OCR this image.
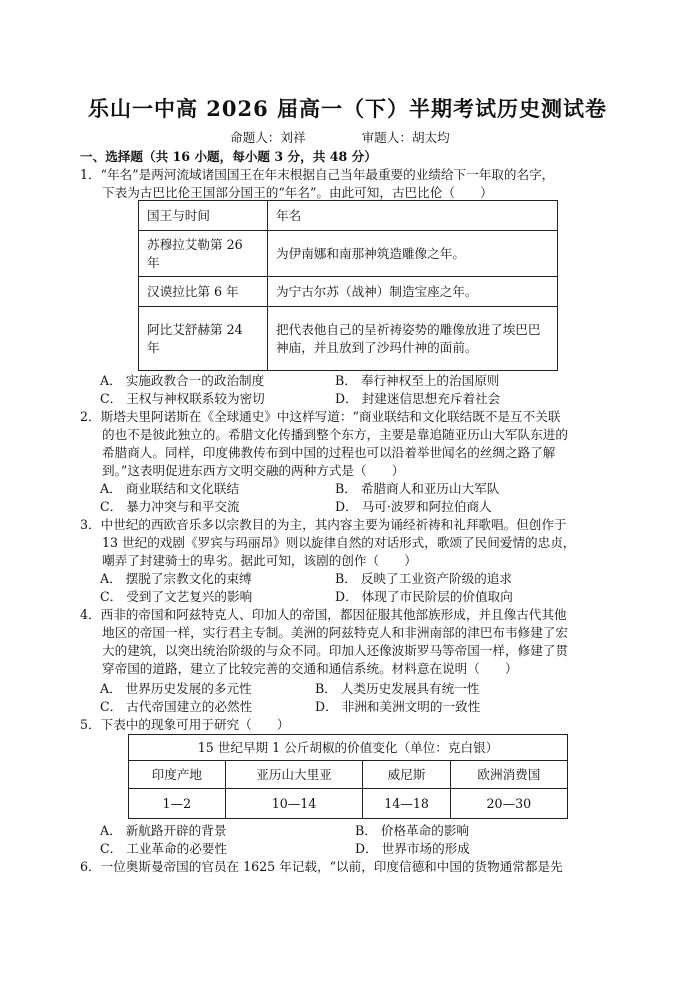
乐山一中高 2026 届高一（下）半期考试历史测试卷
命题人：刘祥	审题人：胡太均
一、选择题（共 16 小题，每小题 3 分，共 48 分）
1．“年名”是两河流域诸国国王在年末根据自己当年最重要的业绩给下一年取的名字，
下表为古巴比伦王国部分国王的“年名”。由此可知，古巴比伦（　　）
国王与时间	年名
苏穆拉艾勒第 26 年	为伊南娜和南那神筑造雕像之年。
汉谟拉比第 6 年	为宁古尔苏（战神）制造宝座之年。
阿比艾舒赫第 24 年	把代表他自己的呈祈祷姿势的雕像放进了埃巴巴神庙，并且放到了沙玛什神的面前。
A． 实施政教合一的政治制度	B． 奉行神权至上的治国原则
C． 王权与神权联系较为密切	D． 封建迷信思想充斥着社会
2．斯塔夫里阿诺斯在《全球通史》中这样写道：“商业联结和文化联结既不是互不关联
的也不是彼此独立的。希腊文化传播到整个东方，主要是靠追随亚历山大军队东进的
希腊商人。同样，印度佛教传布到中国的过程也可以沿着举世闻名的丝绸之路了解
到。”这表明促进东西方文明交融的两种方式是（　　）
A． 商业联结和文化联结	B． 希腊商人和亚历山大军队
C． 暴力冲突与和平交流	D． 马可·波罗和阿拉伯商人
3．中世纪的西欧音乐多以宗教目的为主，其内容主要为诵经祈祷和礼拜歌唱。但创作于
13 世纪的戏剧《罗宾与玛丽昂》则以旋律自然的对话形式，歌颂了民间爱情的忠贞，
嘲弄了封建骑士的卑劣。据此可知，该剧的创作（　　）
A． 摆脱了宗教文化的束缚	B． 反映了工业资产阶级的追求
C． 受到了文艺复兴的影响	D． 体现了市民阶层的价值取向
4．西非的帝国和阿兹特克人、印加人的帝国，都因征服其他部族形成，并且像古代其他
地区的帝国一样，实行君主专制。美洲的阿兹特克人和非洲南部的津巴布韦修建了宏
大的建筑，以突出统治阶级的与众不同。印加人还像波斯罗马等帝国一样，修建了贯
穿帝国的道路，建立了比较完善的交通和通信系统。材料意在说明（　　）
A． 世界历史发展的多元性	B． 人类历史发展具有统一性
C． 古代帝国建立的必然性	D． 非洲和美洲文明的一致性
5．下表中的现象可用于研究（　　）
15 世纪早期 1 公斤胡椒的价值变化（单位：克白银）			
印度产地	亚历山大里亚	威尼斯	欧洲消费国
1—2	10—14	14—18	20—30
A． 新航路开辟的背景	B． 价格革命的影响
C． 工业革命的必要性	D． 世界市场的形成
6．一位奥斯曼帝国的官员在 1625 年记载，“以前，印度信德和中国的货物通常都是先
